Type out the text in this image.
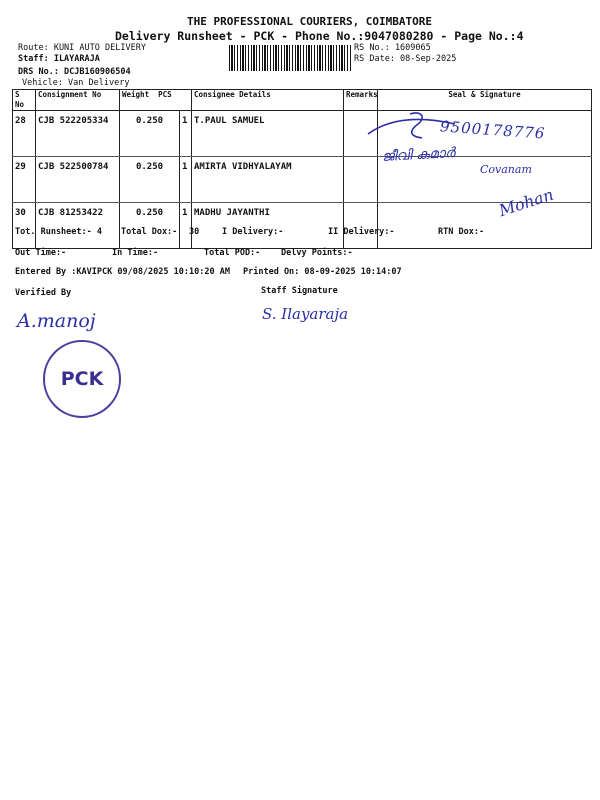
THE PROFESSIONAL COURIERS, COIMBATORE
Delivery Runsheet - PCK - Phone No.:9047080280 - Page No.:4
Route: KUNI AUTO DELIVERY
Staff: ILAYARAJA
DRS No.: DCJB160906504
Vehicle: Van Delivery
RS No.: 1609065
RS Date: 08-Sep-2025
S No	Consignment No	Weight PCS		Consignee Details	Remarks	Seal & Signature
28	CJB 522205334	0.250	1	T.PAUL SAMUEL		
29	CJB 522500784	0.250	1	AMIRTA VIDHYALAYAM		
30	CJB 81253422	0.250	1	MADHU JAYANTHI		
9500178776
ജീവി കുമാർ
Covanam
Mohan
Tot. Runsheet:- 4 Total Dox:- 30	I Delivery:-	II Delivery:-	RTN Dox:-
Out Time:-	In Time:-	Total POD:- Delvy Points:-
Entered By :KAVIPCK 09/08/2025 10:10:20 AM Printed On: 08-09-2025 10:14:07
Verified By	Staff Signature
A.manoj	S. Ilayaraja
PCK
